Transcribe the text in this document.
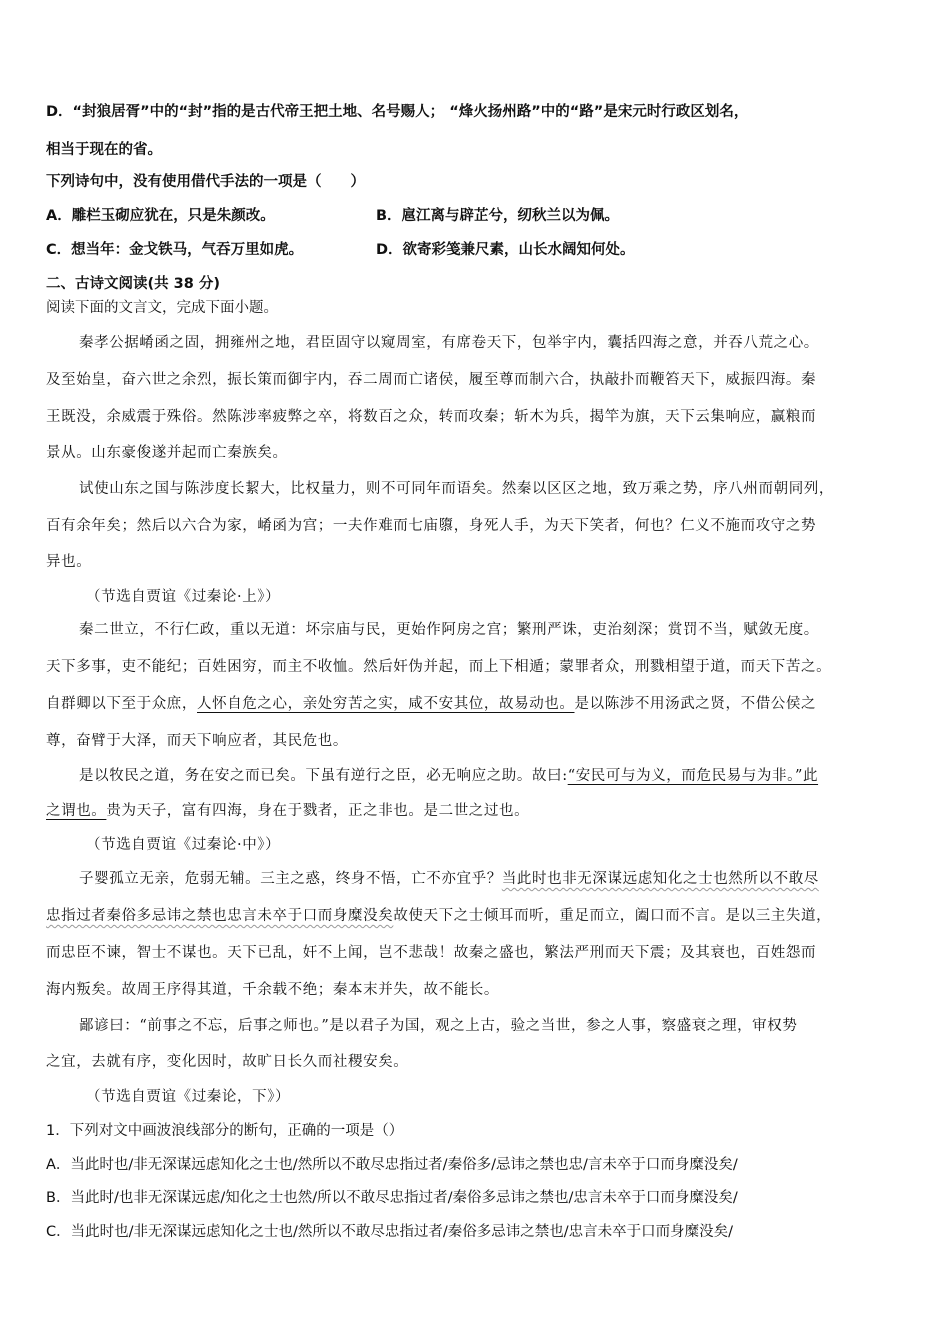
D．“封狼居胥”中的“封”指的是古代帝王把土地、名号赐人； “烽火扬州路”中的“路”是宋元时行政区划名，
相当于现在的省。
下列诗句中，没有使用借代手法的一项是（　　）
A．雕栏玉砌应犹在，只是朱颜改。	B．扈江离与辟芷兮，纫秋兰以为佩。
C．想当年：金戈铁马，气吞万里如虎。	D．欲寄彩笺兼尺素，山长水阔知何处。
二、古诗文阅读(共 38 分)
阅读下面的文言文，完成下面小题。
秦孝公据崤函之固，拥雍州之地，君臣固守以窥周室，有席卷天下，包举宇内，囊括四海之意，并吞八荒之心。
及至始皇，奋六世之余烈，振长策而御宇内，吞二周而亡诸侯，履至尊而制六合，执敲扑而鞭笞天下，威振四海。秦
王既没，余威震于殊俗。然陈涉率疲弊之卒，将数百之众，转而攻秦；斩木为兵，揭竿为旗，天下云集响应，赢粮而
景从。山东豪俊遂并起而亡秦族矣。
试使山东之国与陈涉度长絜大，比权量力，则不可同年而语矣。然秦以区区之地，致万乘之势，序八州而朝同列，
百有余年矣；然后以六合为家，崤函为宫；一夫作难而七庙隳，身死人手，为天下笑者，何也？仁义不施而攻守之势
异也。
（节选自贾谊《过秦论·上》）
秦二世立，不行仁政，重以无道：坏宗庙与民，更始作阿房之宫；繁刑严诛，吏治刻深；赏罚不当，赋敛无度。
天下多事，吏不能纪；百姓困穷，而主不收恤。然后奸伪并起，而上下相遁；蒙罪者众，刑戮相望于道，而天下苦之。
自群卿以下至于众庶，人怀自危之心，亲处穷苦之实，咸不安其位，故易动也。是以陈涉不用汤武之贤，不借公侯之
尊，奋臂于大泽，而天下响应者，其民危也。
是以牧民之道，务在安之而已矣。下虽有逆行之臣，必无响应之助。故曰:“安民可与为义，而危民易与为非。”此
之谓也。贵为天子，富有四海，身在于戮者，正之非也。是二世之过也。
（节选自贾谊《过秦论·中》）
子婴孤立无亲，危弱无辅。三主之惑，终身不悟，亡不亦宜乎？当此时也非无深谋远虑知化之士也然所以不敢尽
忠指过者秦俗多忌讳之禁也忠言未卒于口而身糜没矣故使天下之士倾耳而听，重足而立，阖口而不言。是以三主失道，
而忠臣不谏，智士不谋也。天下已乱，奸不上闻，岂不悲哉！故秦之盛也，繁法严刑而天下震；及其衰也，百姓怨而
海内叛矣。故周王序得其道，千余载不绝；秦本末并失，故不能长。
鄙谚曰：“前事之不忘，后事之师也。”是以君子为国，观之上古，验之当世，参之人事，察盛衰之理，审权势
之宜，去就有序，变化因时，故旷日长久而社稷安矣。
（节选自贾谊《过秦论，下》）
1．下列对文中画波浪线部分的断句，正确的一项是（）
A．当此时也/非无深谋远虑知化之士也/然所以不敢尽忠指过者/秦俗多/忌讳之禁也忠/言未卒于口而身糜没矣/
B．当此时/也非无深谋远虑/知化之士也然/所以不敢尽忠指过者/秦俗多忌讳之禁也/忠言未卒于口而身糜没矣/
C．当此时也/非无深谋远虑知化之士也/然所以不敢尽忠指过者/秦俗多忌讳之禁也/忠言未卒于口而身糜没矣/
